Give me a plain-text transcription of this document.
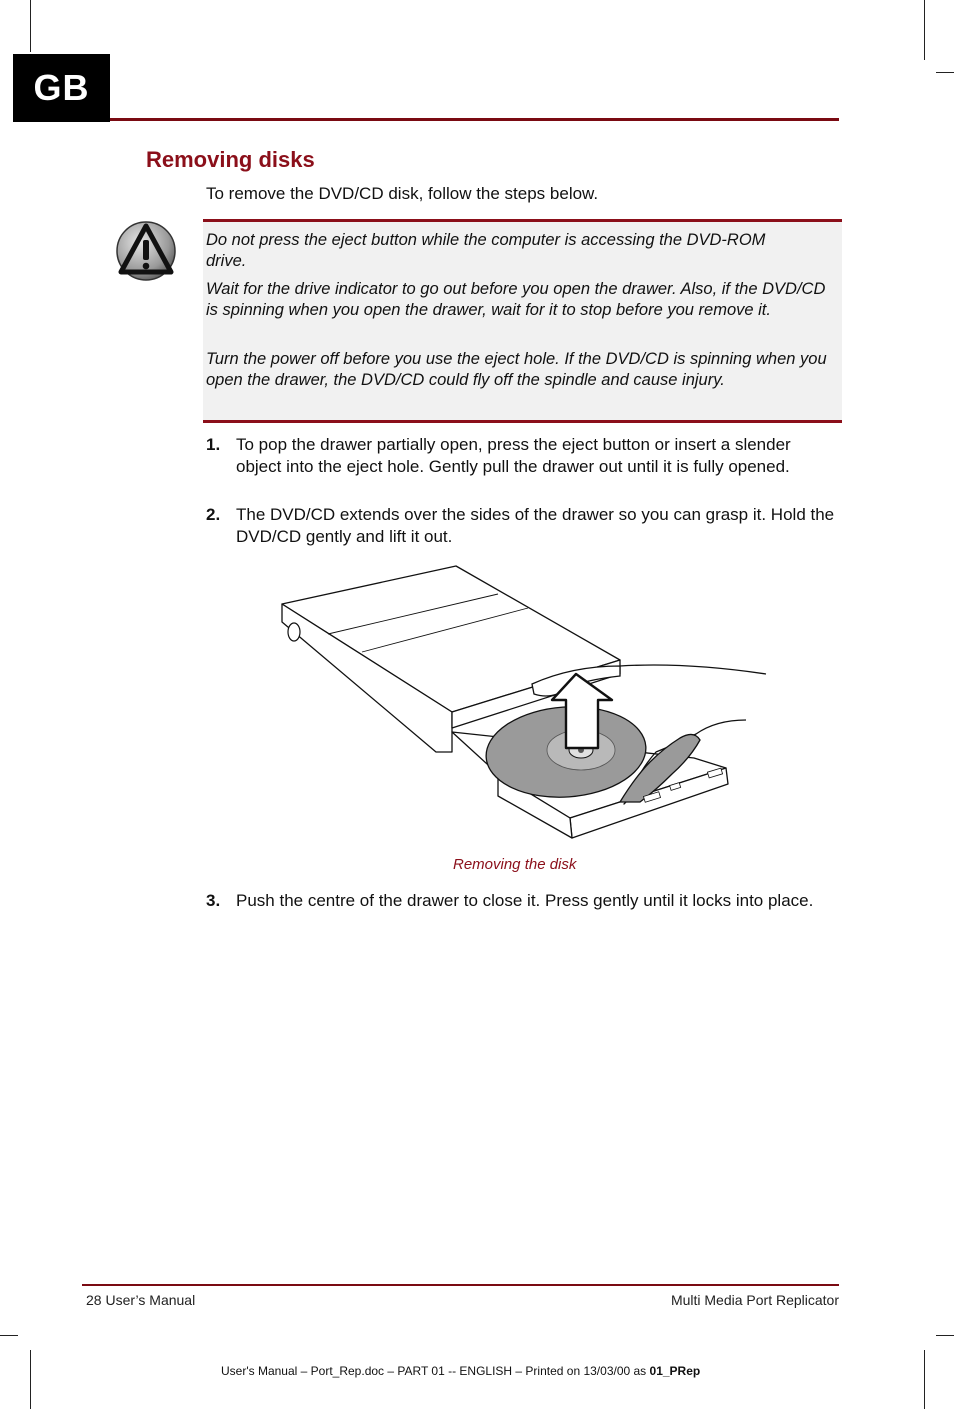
GB
Removing disks
To remove the DVD/CD disk, follow the steps below.

Do not press the eject button while the computer is accessing the DVD-ROM drive.

Wait for the drive indicator to go out before you open the drawer. Also, if the DVD/CD is spinning when you open the drawer, wait for it to stop before you remove it.

Turn the power off before you use the eject hole. If the DVD/CD is spinning when you open the drawer, the DVD/CD could fly off the spindle and cause injury.

1. To pop the drawer partially open, press the eject button or insert a slender object into the eject hole. Gently pull the drawer out until it is fully opened.
2. The DVD/CD extends over the sides of the drawer so you can grasp it. Hold the DVD/CD gently and lift it out.
Removing the disk
3. Push the centre of the drawer to close it. Press gently until it locks into place.
28 User’s Manual	Multi Media Port Replicator
User's Manual – Port_Rep.doc – PART 01 -- ENGLISH – Printed on 13/03/00 as 01_PRep
